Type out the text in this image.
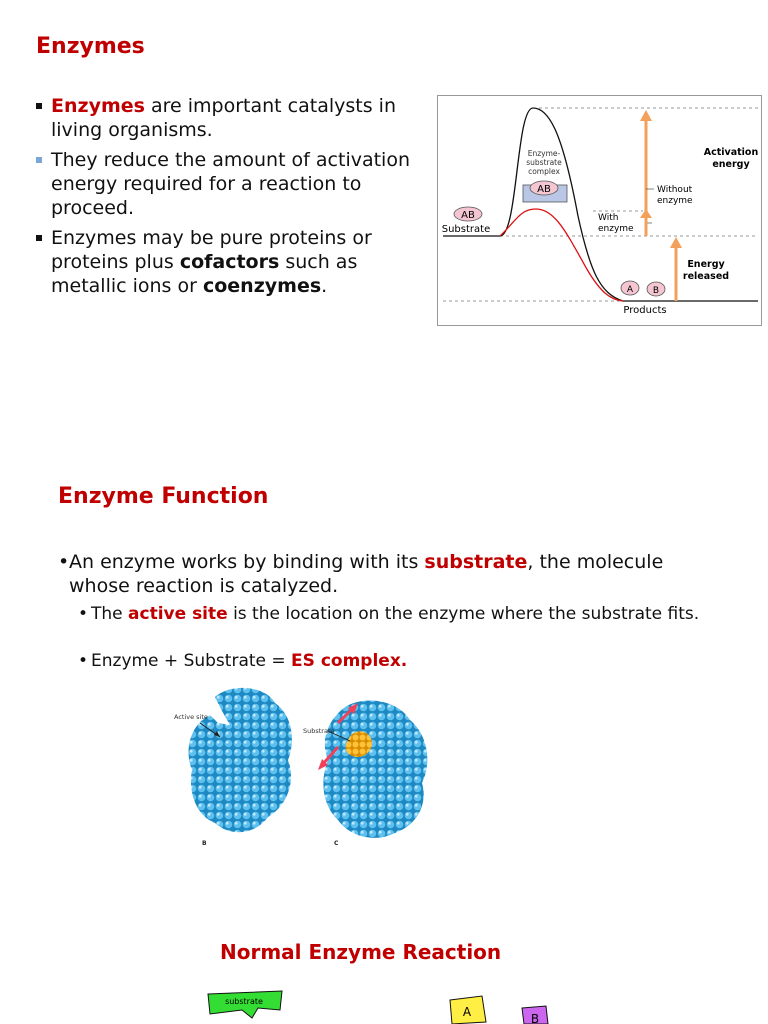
Enzymes
Enzymes are important catalysts in living organisms.
They reduce the amount of activation energy required for a reaction to proceed.
Enzymes may be pure proteins or proteins plus cofactors such as metallic ions or coenzymes.
AB
Enzyme-
substrate
complex
AB
Substrate
A B
Products
With
enzyme
Without
enzyme
Activation
energy
Energy
released
Enzyme Function
• An enzyme works by binding with its substrate, the molecule whose reaction is catalyzed.
• The active site is the location on the enzyme where the substrate fits.
• Enzyme + Substrate = ES complex.
Active site
B
Substrate
C
Normal Enzyme Reaction
substrate
A	B
